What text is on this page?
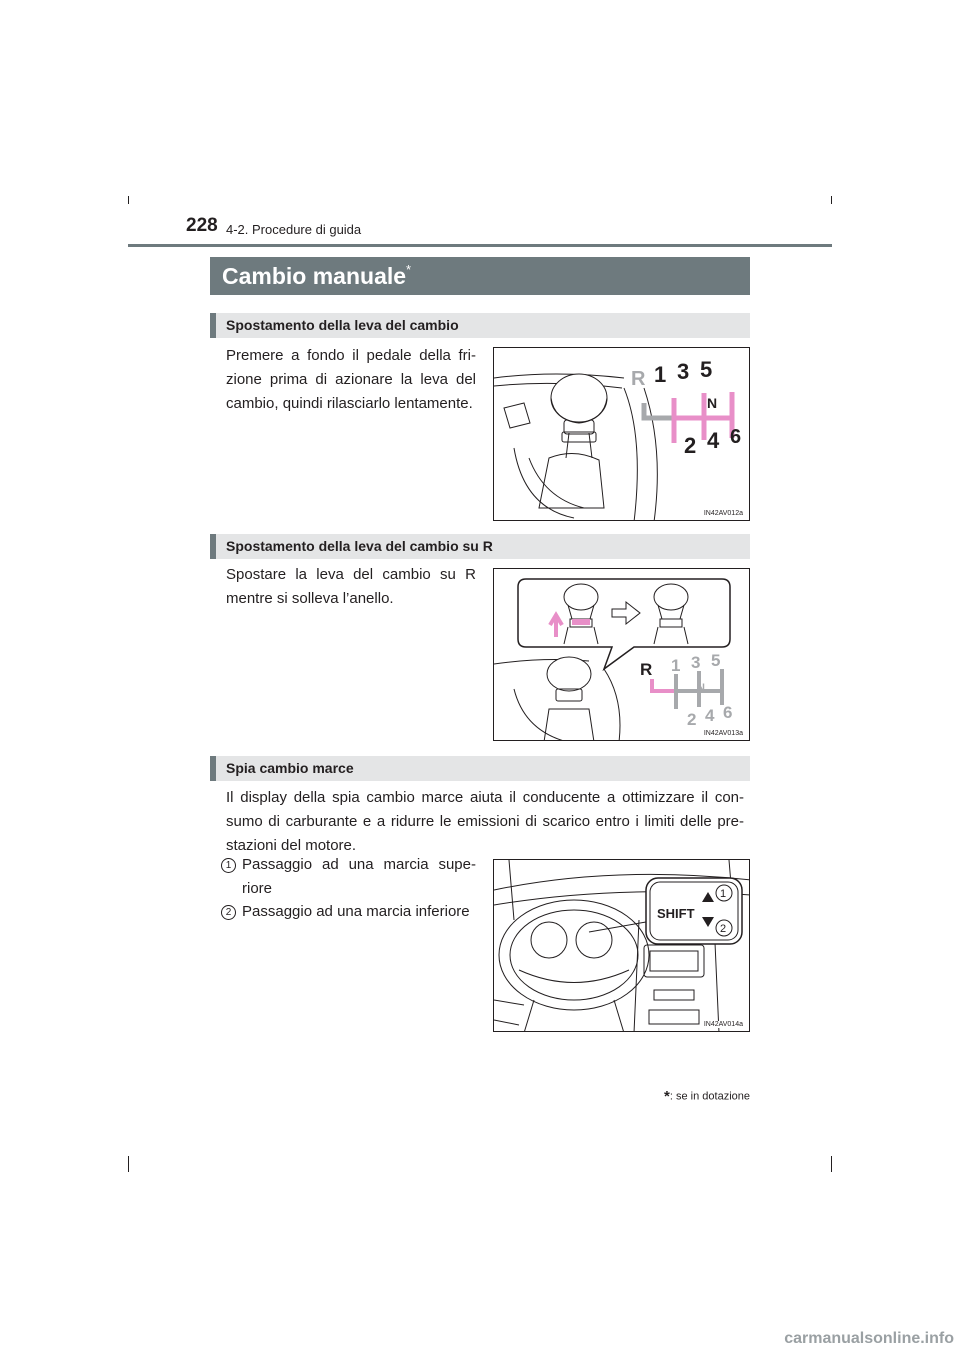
228 4-2. Procedure di guida
Cambio manuale*
Spostamento della leva del cambio
Premere a fondo il pedale della fri- zione prima di azionare la leva del cambio, quindi rilasciarlo lentamente.
R 1 3 5
N
2 4 6
IN42AV012a
Spostamento della leva del cambio su R
Spostare la leva del cambio su R mentre si solleva l’anello.
R 1 3 5
N
2 4 6
IN42AV013a
Spia cambio marce
Il display della spia cambio marce aiuta il conducente a ottimizzare il con- sumo di carburante e a ridurre le emissioni di scarico entro i limiti delle pre- stazioni del motore.
1 Passaggio ad una marcia supe- riore
2 Passaggio ad una marcia inferiore	SHIFT
1
2
IN42AV014a
*: se in dotazione
carmanualsonline.info
